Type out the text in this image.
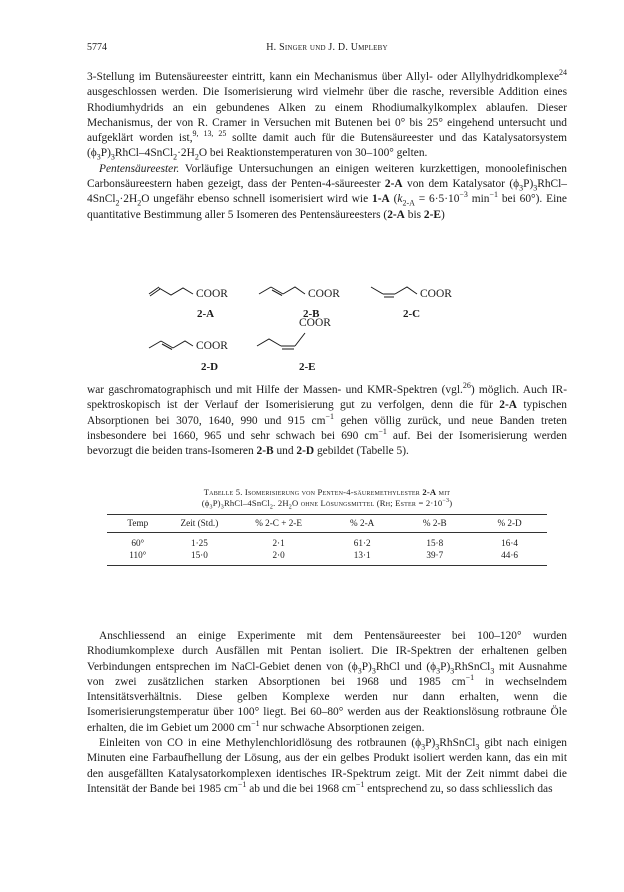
5774	H. Singer und J. D. Umpleby

3-Stellung im Butensäureester eintritt, kann ein Mechanismus über Allyl- oder Allylhydridkomplexe$^{24}$ ausgeschlossen werden. Die Isomerisierung wird vielmehr über die rasche, reversible Addition eines Rhodiumhydrids an ein gebundenes Alken zu einem Rhodiumalkylkomplex ablaufen. Dieser Mechanismus, der von R. Cramer in Versuchen mit Butenen bei 0° bis 25° eingehend untersucht und aufgeklärt worden ist,$^{9, 13, 25}$ sollte damit auch für die Butensäureester und das Katalysatorsystem $(\phi_3P)_3RhCl-4SnCl_2\cdot 2H_2O$ bei Reaktionstemperaturen von 30–100° gelten.

Pentensäureester. Vorläufige Untersuchungen an einigen weiteren kurzkettigen, monoolefinischen Carbonsäureestern haben gezeigt, dass der Penten-4-säureester 2-A von dem Katalysator $(\phi_3P)_3RhCl-4SnCl_2\cdot 2H_2O$ ungefähr ebenso schnell isomerisiert wird wie 1-A ($k_{2-A} = 6\cdot 5\cdot 10^{-3}$ $\min^{-1}$ bei 60°). Eine quantitative Bestimmung aller 5 Isomeren des Pentensäureesters (2-A bis 2-E)

COOR
2-A
COOR
2-B
COOR
2-C
COOR
2-D
COOR
2-E

war gaschromatographisch und mit Hilfe der Massen- und KMR-Spektren (vgl.$^{26}$) möglich. Auch IR-spektroskopisch ist der Verlauf der Isomerisierung gut zu verfolgen, denn die für 2-A typischen Absorptionen bei 3070, 1640, 990 und 915 $cm^{-1}$ gehen völlig zurück, und neue Banden treten insbesondere bei 1660, 965 und sehr schwach bei 690 $cm^{-1}$ auf. Bei der Isomerisierung werden bevorzugt die beiden trans-Isomeren 2-B und 2-D gebildet (Tabelle 5).

Tabelle 5. Isomerisierung von Penten-4-säuremethylester 2-A mit
$(\phi_3P)_3RhCl-4SnCl_2$. $2H_2O$ ohne Lösungsmittel (Rh; Ester = $2\cdot 10^{-3}$)
Temp	Zeit (Std.)	% 2-C + 2-E	% 2-A	% 2-B	% 2-D
60°	1·25	2·1	61·2	15·8	16·4
110°	15·0	2·0	13·1	39·7	44·6

Anschliessend an einige Experimente mit dem Pentensäureester bei 100–120° wurden Rhodiumkomplexe durch Ausfällen mit Pentan isoliert. Die IR-Spektren der erhaltenen gelben Verbindungen entsprechen im NaCl-Gebiet denen von $(\phi_3P)_3RhCl$ und $(\phi_3P)_3RhSnCl_3$ mit Ausnahme von zwei zusätzlichen starken Absorptionen bei 1968 und 1985 $cm^{-1}$ in wechselndem Intensitätsverhältnis. Diese gelben Komplexe werden nur dann erhalten, wenn die Isomerisierungstemperatur über 100° liegt. Bei 60–80° werden aus der Reaktionslösung rotbraune Öle erhalten, die im Gebiet um 2000 $cm^{-1}$ nur schwache Absorptionen zeigen.

Einleiten von CO in eine Methylenchloridlösung des rotbraunen $(\phi_3P)_3RhSnCl_3$ gibt nach einigen Minuten eine Farbaufhellung der Lösung, aus der ein gelbes Produkt isoliert werden kann, das ein mit den ausgefällten Katalysatorkomplexen identisches IR-Spektrum zeigt. Mit der Zeit nimmt dabei die Intensität der Bande bei 1985 $cm^{-1}$ ab und die bei 1968 $cm^{-1}$ entsprechend zu, so dass schliesslich das
